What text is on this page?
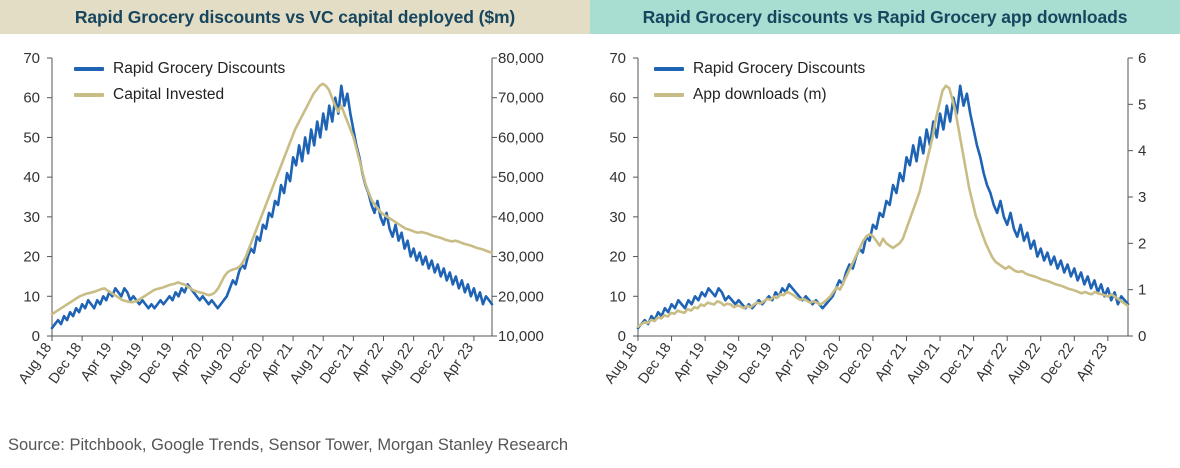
Rapid Grocery discounts vs VC capital deployed ($m)
0
10
20
30
40
50
60
70
10,000
20,000
30,000
40,000
50,000
60,000
70,000
80,000
Aug 18
Dec 18
Apr 19
Aug 19
Dec 19
Apr 20
Aug 20
Dec 20
Apr 21
Aug 21
Dec 21
Apr 22
Aug 22
Dec 22
Apr 23
Rapid Grocery Discounts
Capital Invested
Rapid Grocery discounts vs Rapid Grocery app downloads
0
10
20
30
40
50
60
70
0
1
2
3
4
5
6
Aug 18
Dec 18
Apr 19
Aug 19
Dec 19
Apr 20
Aug 20
Dec 20
Apr 21
Aug 21
Dec 21
Apr 22
Aug 22
Dec 22
Apr 23
Rapid Grocery Discounts
App downloads (m)
Source: Pitchbook, Google Trends, Sensor Tower, Morgan Stanley Research
